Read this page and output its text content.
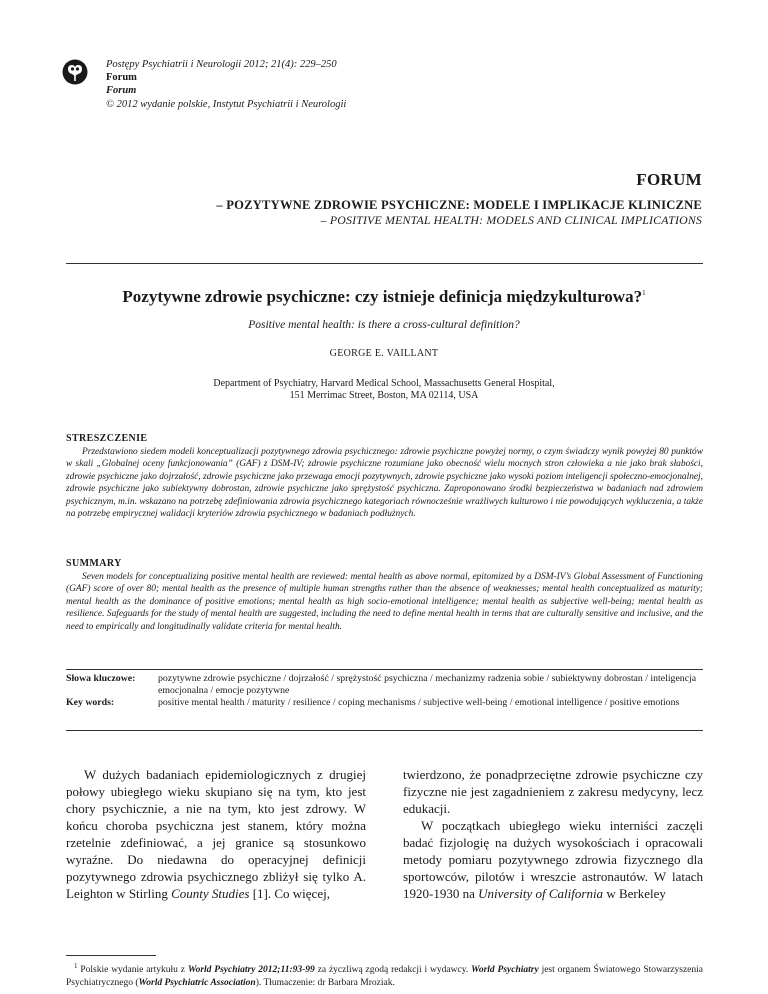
Postępy Psychiatrii i Neurologii 2012; 21(4): 229–250
Forum
Forum
© 2012 wydanie polskie, Instytut Psychiatrii i Neurologii
FORUM
– POZYTYWNE ZDROWIE PSYCHICZNE: MODELE I IMPLIKACJE KLINICZNE
– POSITIVE MENTAL HEALTH: MODELS AND CLINICAL IMPLICATIONS
Pozytywne zdrowie psychiczne: czy istnieje definicja międzykulturowa?$^1$
Positive mental health: is there a cross-cultural definition?
GEORGE E. VAILLANT
Department of Psychiatry, Harvard Medical School, Massachusetts General Hospital,
151 Merrimac Street, Boston, MA 02114, USA
STRESZCZENIE
Przedstawiono siedem modeli konceptualizacji pozytywnego zdrowia psychicznego: zdrowie psychiczne powyżej normy, o czym świadczy wynik powyżej 80 punktów w skali „Globalnej oceny funkcjonowania” (GAF) z DSM-IV; zdrowie psychiczne rozumiane jako obecność wielu mocnych stron człowieka a nie jako brak słabości, zdrowie psychiczne jako dojrzałość, zdrowie psychiczne jako przewaga emocji pozytywnych, zdrowie psychiczne jako wysoki poziom inteligencji społeczno-emocjonalnej, zdrowie psychiczne jako subiektywny dobrostan, zdrowie psychiczne jako sprężystość psychiczna. Zaproponowano środki bezpieczeństwa w badaniach nad zdrowiem psychicznym, m.in. wskazano na potrzebę zdefiniowania zdrowia psychicznego kategoriach równocześnie wrażliwych kulturowo i nie powodujących wykluczenia, a także na potrzebę empirycznej walidacji kryteriów zdrowia psychicznego w badaniach podłużnych.
SUMMARY
Seven models for conceptualizing positive mental health are reviewed: mental health as above normal, epitomized by a DSM-IV’s Global Assessment of Functioning (GAF) score of over 80; mental health as the presence of multiple human strengths rather than the absence of weaknesses; mental health conceptualized as maturity; mental health as the dominance of positive emotions; mental health as high socio-emotional intelligence; mental health as subjective well-being; mental health as resilience. Safeguards for the study of mental health are suggested, including the need to define mental health in terms that are culturally sensitive and inclusive, and the need to empirically and longitudinally validate criteria for mental health.
Słowa kluczowe:	pozytywne zdrowie psychiczne / dojrzałość / sprężystość psychiczna / mechanizmy radzenia sobie / subiektywny dobrostan / inteligencja emocjonalna / emocje pozytywne
Key words:	positive mental health / maturity / resilience / coping mechanisms / subjective well-being / emotional intelligence / positive emotions

W dużych badaniach epidemiologicznych z drugiej połowy ubiegłego wieku skupiano się na tym, kto jest chory psychicznie, a nie na tym, kto jest zdrowy. W końcu choroba psychiczna jest stanem, który można rzetelnie zdefiniować, a jej granice są stosunkowo wyraźne. Do niedawna do operacyjnej definicji pozytywnego zdrowia psychicznego zbliżył się tylko A. Leighton w Stirling County Studies [1]. Co więcej,

twierdzono, że ponadprzeciętne zdrowie psychiczne czy fizyczne nie jest zagadnieniem z zakresu medycyny, lecz edukacji.

W początkach ubiegłego wieku interniści zaczęli badać fizjologię na dużych wysokościach i opracowali metody pomiaru pozytywnego zdrowia fizycznego dla sportowców, pilotów i wreszcie astronautów. W latach 1920-1930 na University of California w Berkeley

$^1$ Polskie wydanie artykułu z World Psychiatry 2012;11:93-99 za życzliwą zgodą redakcji i wydawcy. World Psychiatry jest organem Światowego Stowarzyszenia Psychiatrycznego (World Psychiatric Association). Tłumaczenie: dr Barbara Mroziak.
